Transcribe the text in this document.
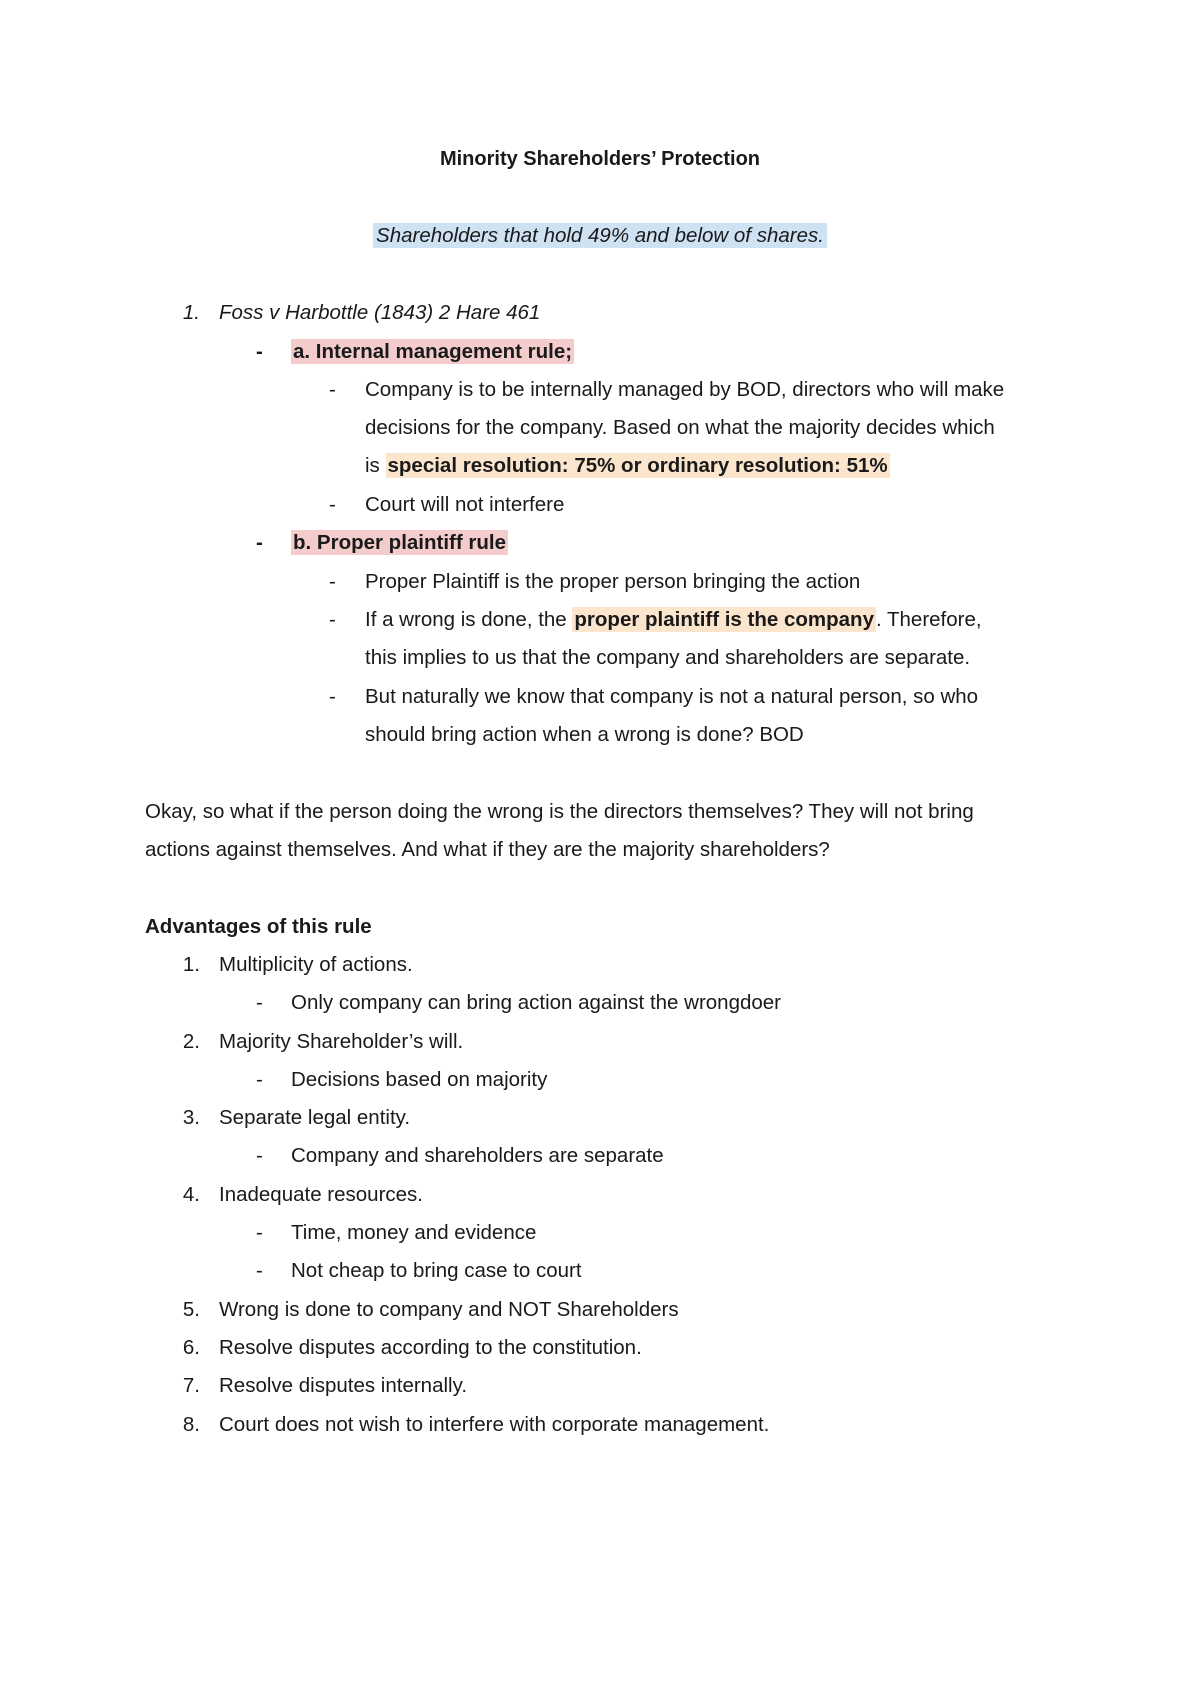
Minority Shareholders’ Protection
Shareholders that hold 49% and below of shares.
1. Foss v Harbottle (1843) 2 Hare 461
- a. Internal management rule;
- Company is to be internally managed by BOD, directors who will make
decisions for the company. Based on what the majority decides which
is special resolution: 75% or ordinary resolution: 51%
- Court will not interfere
- b. Proper plaintiff rule
- Proper Plaintiff is the proper person bringing the action
- If a wrong is done, the proper plaintiff is the company. Therefore,
this implies to us that the company and shareholders are separate.
- But naturally we know that company is not a natural person, so who
should bring action when a wrong is done? BOD
Okay, so what if the person doing the wrong is the directors themselves? They will not bring
actions against themselves. And what if they are the majority shareholders?
Advantages of this rule
1. Multiplicity of actions.
- Only company can bring action against the wrongdoer
2. Majority Shareholder’s will.
- Decisions based on majority
3. Separate legal entity.
- Company and shareholders are separate
4. Inadequate resources.
- Time, money and evidence
- Not cheap to bring case to court
5. Wrong is done to company and NOT Shareholders
6. Resolve disputes according to the constitution.
7. Resolve disputes internally.
8. Court does not wish to interfere with corporate management.
